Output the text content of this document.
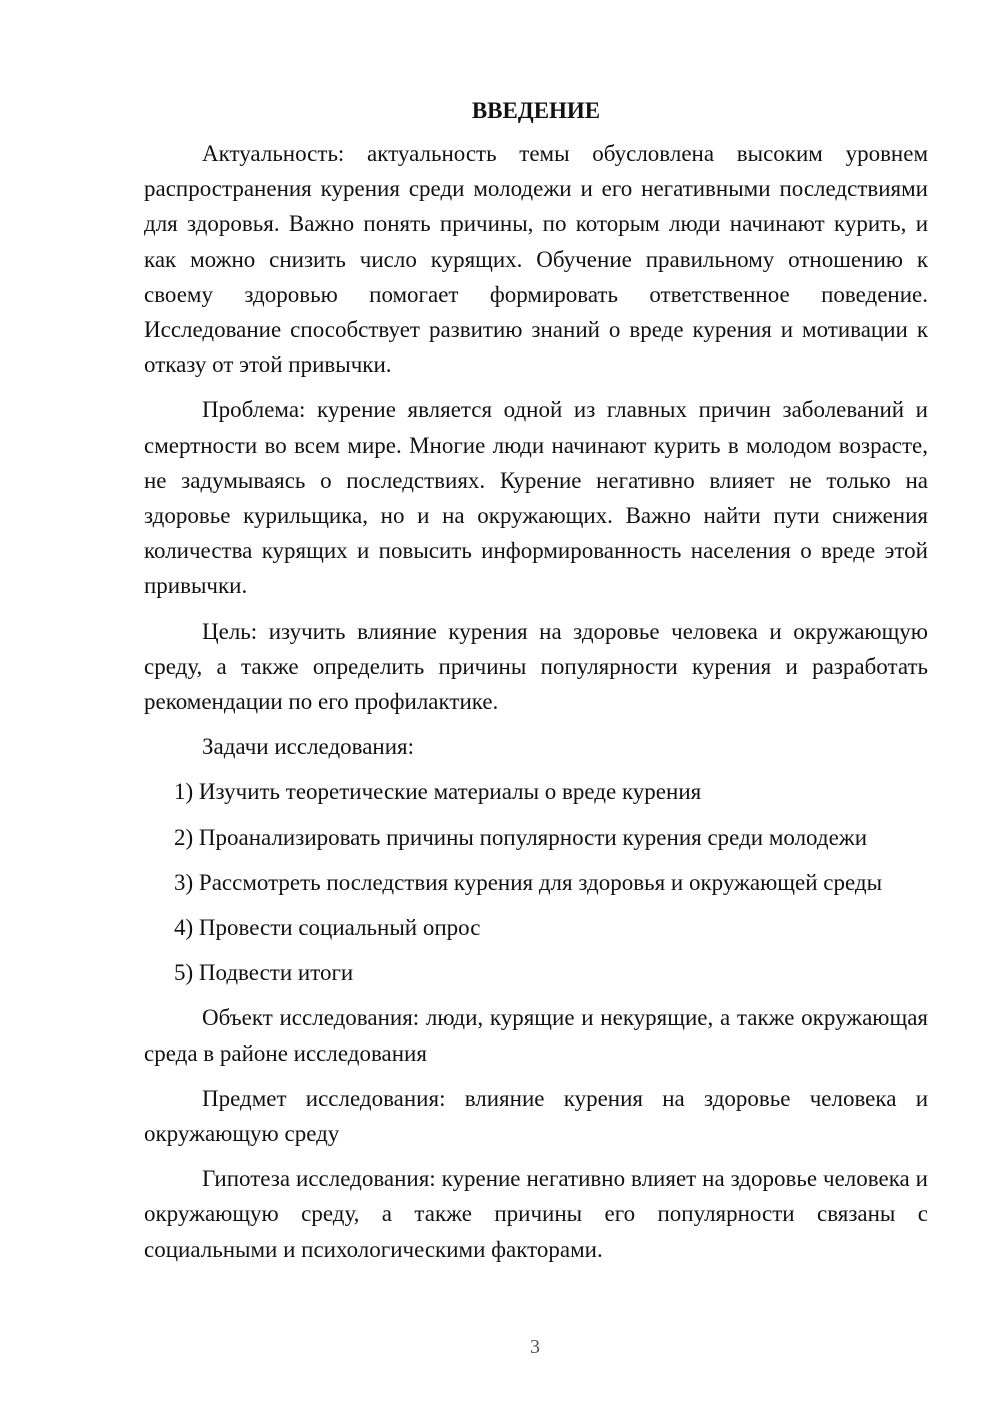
ВВЕДЕНИЕ

Актуальность: актуальность темы обусловлена высоким уровнем распространения курения среди молодежи и его негативными последствиями для здоровья. Важно понять причины, по которым люди начинают курить, и как можно снизить число курящих. Обучение правильному отношению к своему здоровью помогает формировать ответственное поведение. Исследование способствует развитию знаний о вреде курения и мотивации к отказу от этой привычки.

Проблема: курение является одной из главных причин заболеваний и смертности во всем мире. Многие люди начинают курить в молодом возрасте, не задумываясь о последствиях. Курение негативно влияет не только на здоровье курильщика, но и на окружающих. Важно найти пути снижения количества курящих и повысить информированность населения о вреде этой привычки.

Цель: изучить влияние курения на здоровье человека и окружающую среду, а также определить причины популярности курения и разработать рекомендации по его профилактике.

Задачи исследования:

1) Изучить теоретические материалы о вреде курения

2) Проанализировать причины популярности курения среди молодежи

3) Рассмотреть последствия курения для здоровья и окружающей среды

4) Провести социальный опрос

5) Подвести итоги

Объект исследования: люди, курящие и некурящие, а также окружающая среда в районе исследования

Предмет исследования: влияние курения на здоровье человека и окружающую среду

Гипотеза исследования: курение негативно влияет на здоровье человека и окружающую среду, а также причины его популярности связаны с социальными и психологическими факторами.

3
